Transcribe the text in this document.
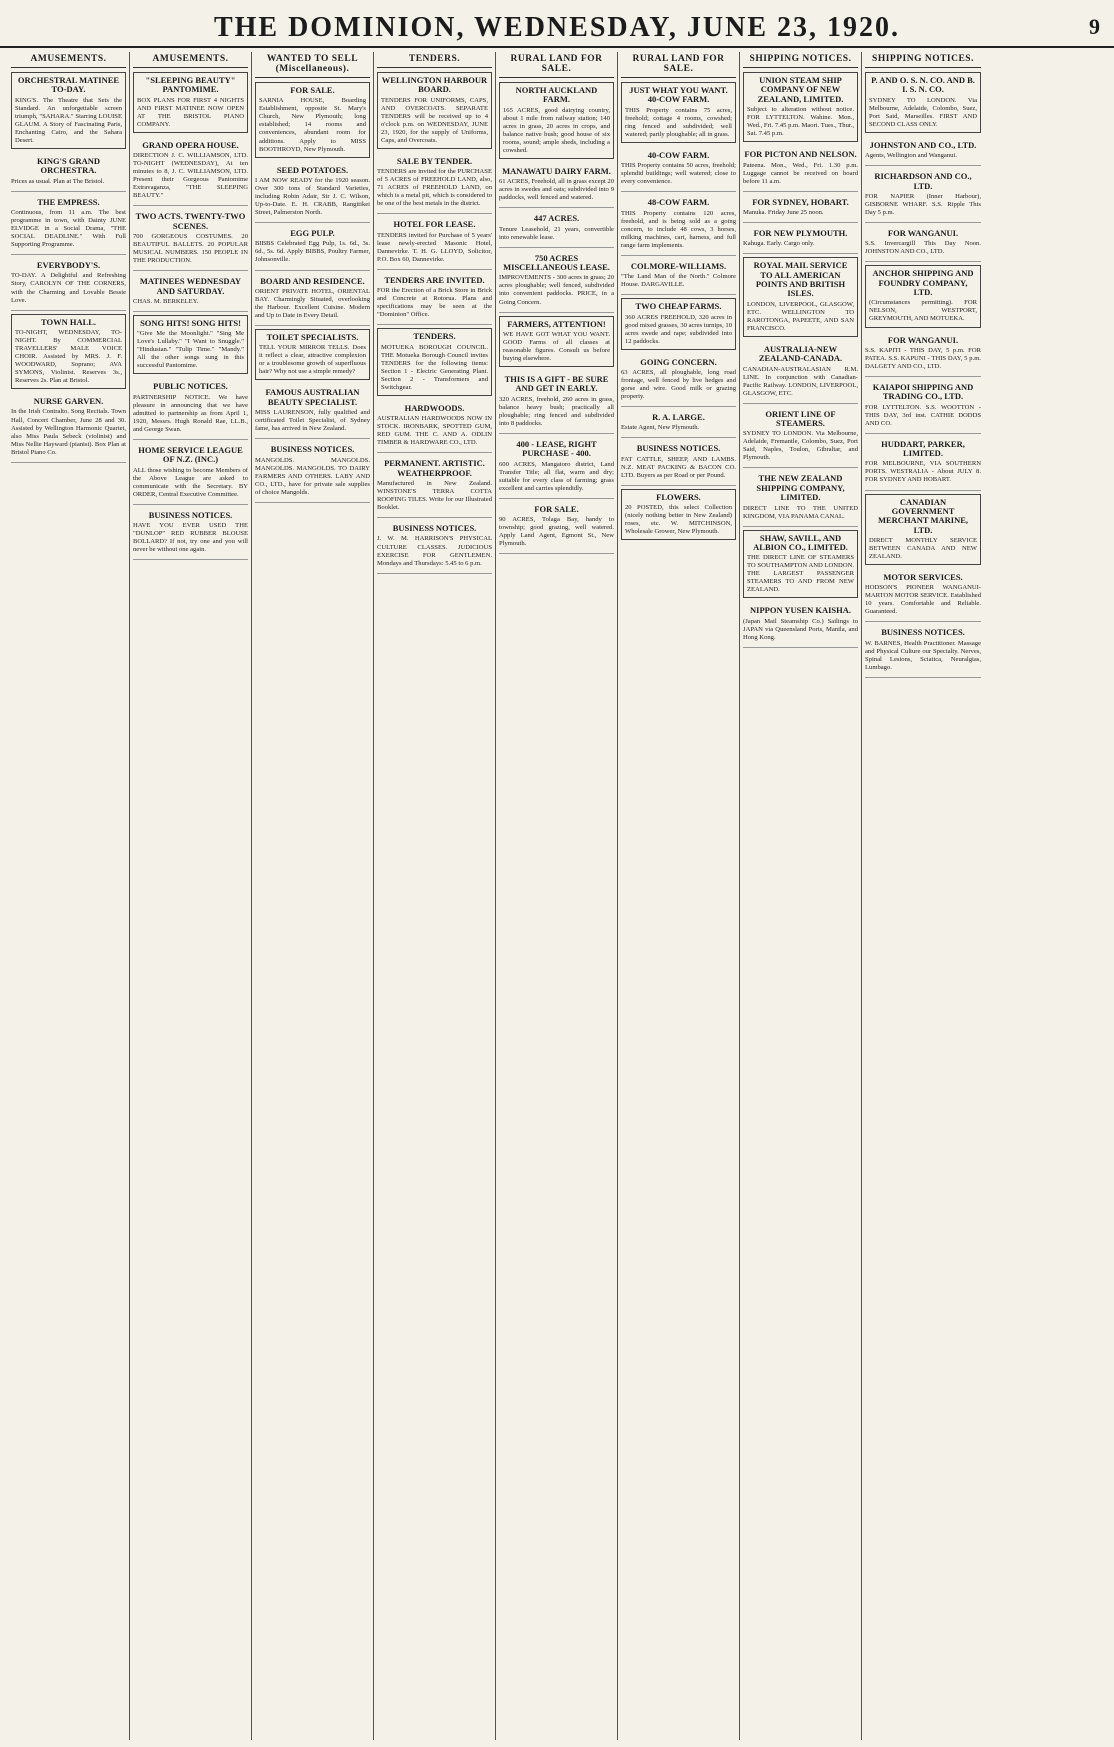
THE DOMINION, WEDNESDAY, JUNE 23, 1920.	9
AMUSEMENTS.
ORCHESTRAL MATINEE TO-DAY.
KING'S. The Theatre that Sets the Standard. An unforgettable screen triumph, "SAHARA." Starring LOUISE GLAUM. A Story of Fascinating Paris, Enchanting Cairo, and the Sahara Desert.
KING'S GRAND ORCHESTRA.
Prices as usual. Plan at The Bristol.
THE EMPRESS.
Continuous, from 11 a.m. The best programme in town, with Dainty JUNE ELVIDGE in a Social Drama, "THE SOCIAL DEADLINE." With Full Supporting Programme.
EVERYBODY'S.
TO-DAY. A Delightful and Refreshing Story, CAROLYN OF THE CORNERS, with the Charming and Lovable Bessie Love.
TOWN HALL.
TO-NIGHT, WEDNESDAY, TO-NIGHT. By COMMERCIAL TRAVELLERS' MALE VOICE CHOIR. Assisted by MRS. J. F. WOODWARD, Soprano; AVA SYMONS, Violinist. Reserves 3s., Reserves 2s. Plan at Bristol.
NURSE GARVEN.
In the Irish Contralto. Song Recitals. Town Hall, Concert Chamber, June 28 and 30. Assisted by Wellington Harmonic Quartet, also Miss Paula Sebeck (violinist) and Miss Nellie Hayward (pianist). Box Plan at Bristol Piano Co.
AMUSEMENTS.
"SLEEPING BEAUTY" PANTOMIME.
BOX PLANS FOR FIRST 4 NIGHTS AND FIRST MATINEE NOW OPEN AT THE BRISTOL PIANO COMPANY.
GRAND OPERA HOUSE.
DIRECTION J. C. WILLIAMSON, LTD. TO-NIGHT (WEDNESDAY), At ten minutes to 8, J. C. WILLIAMSON, LTD. Present their Gorgeous Pantomime Extravaganza, "THE SLEEPING BEAUTY."
TWO ACTS. TWENTY-TWO SCENES.
700 GORGEOUS COSTUMES. 20 BEAUTIFUL BALLETS. 20 POPULAR MUSICAL NUMBERS. 150 PEOPLE IN THE PRODUCTION.
MATINEES WEDNESDAY AND SATURDAY.
CHAS. M. BERKELEY.
SONG HITS! SONG HITS!
"Give Me the Moonlight." "Sing Me Love's Lullaby." "I Want to Snuggle." "Hindustan." "Tulip Time." "Mandy." All the other songs sung in this successful Pantomime.
PUBLIC NOTICES.
PARTNERSHIP NOTICE. We have pleasure in announcing that we have admitted to partnership as from April 1, 1920, Messrs. Hugh Ronald Rae, LL.B., and George Swan.
HOME SERVICE LEAGUE OF N.Z. (INC.)
ALL those wishing to become Members of the Above League are asked to communicate with the Secretary. BY ORDER, Central Executive Committee.
BUSINESS NOTICES.
HAVE YOU EVER USED THE "DUNLOP" RED RUBBER BLOUSE BOLLARD? If not, try one and you will never be without one again.
WANTED TO SELL (Miscellaneous).
FOR SALE.
SARNIA HOUSE, Boarding Establishment, opposite St. Mary's Church, New Plymouth; long established; 14 rooms and conveniences, abundant room for additions. Apply to MISS BOOTHROYD, New Plymouth.
SEED POTATOES.
I AM NOW READY for the 1920 season. Over 300 tons of Standard Varieties, including Robin Adair, Sir J. C. Wilson, Up-to-Date. E. H. CRABB, Rangitikei Street, Palmerston North.
EGG PULP.
BIBBS Celebrated Egg Pulp, 1s. 6d., 3s. 6d., 5s. 6d. Apply BIBBS, Poultry Farmer, Johnsonville.
BOARD AND RESIDENCE.
ORIENT PRIVATE HOTEL, ORIENTAL BAY. Charmingly Situated, overlooking the Harbour. Excellent Cuisine. Modern and Up to Date in Every Detail.
TOILET SPECIALISTS.
TELL YOUR MIRROR TELLS. Does it reflect a clear, attractive complexion or a troublesome growth of superfluous hair? Why not use a simple remedy?
FAMOUS AUSTRALIAN BEAUTY SPECIALIST.
MISS LAURENSON, fully qualified and certificated Toilet Specialist, of Sydney fame, has arrived in New Zealand.
BUSINESS NOTICES.
MANGOLDS. MANGOLDS. MANGOLDS. MANGOLDS. TO DAIRY FARMERS AND OTHERS. LABY AND CO., LTD., have for private sale supplies of choice Mangolds.
TENDERS.
WELLINGTON HARBOUR BOARD.
TENDERS FOR UNIFORMS, CAPS, AND OVERCOATS. SEPARATE TENDERS will be received up to 4 o'clock p.m. on WEDNESDAY, JUNE 23, 1920, for the supply of Uniforms, Caps, and Overcoats.
SALE BY TENDER.
TENDERS are invited for the PURCHASE of 5 ACRES of FREEHOLD LAND, also, 71 ACRES of FREEHOLD LAND, on which is a metal pit, which is considered to be one of the best metals in the district.
HOTEL FOR LEASE.
TENDERS invited for Purchase of 5 years' lease newly-erected Masonic Hotel, Dannevirke. T. H. G. LLOYD, Solicitor, P.O. Box 60, Dannevirke.
TENDERS ARE INVITED.
FOR the Erection of a Brick Store in Brick and Concrete at Rotorua. Plans and specifications may be seen at the "Dominion" Office.
TENDERS.
MOTUEKA BOROUGH COUNCIL. THE Motueka Borough Council invites TENDERS for the following items: Section 1 - Electric Generating Plant. Section 2 - Transformers and Switchgear.
HARDWOODS.
AUSTRALIAN HARDWOODS NOW IN STOCK. IRONBARK, SPOTTED GUM, RED GUM. THE C. AND A. ODLIN TIMBER & HARDWARE CO., LTD.
PERMANENT. ARTISTIC. WEATHERPROOF.
Manufactured in New Zealand. WINSTONE'S TERRA COTTA ROOFING TILES. Write for our Illustrated Booklet.
BUSINESS NOTICES.
J. W. M. HARRISON'S PHYSICAL CULTURE CLASSES. JUDICIOUS EXERCISE FOR GENTLEMEN. Mondays and Thursdays: 5.45 to 6 p.m.
RURAL LAND FOR SALE.
NORTH AUCKLAND FARM.
165 ACRES, good dairying country, about 1 mile from railway station; 140 acres in grass, 20 acres in crops, and balance native bush; good house of six rooms, sound; ample sheds, including a cowshed.
MANAWATU DAIRY FARM.
61 ACRES, Freehold, all in grass except 20 acres in swedes and oats; subdivided into 9 paddocks, well fenced and watered.
447 ACRES.
Tenure Leasehold, 21 years, convertible into renewable lease.
750 ACRES MISCELLANEOUS LEASE.
IMPROVEMENTS - 300 acres in grass; 20 acres ploughable; well fenced, subdivided into convenient paddocks. PRICE, in a Going Concern.
FARMERS, ATTENTION!
WE HAVE GOT WHAT YOU WANT. GOOD Farms of all classes at reasonable figures. Consult us before buying elsewhere.
THIS IS A GIFT - BE SURE AND GET IN EARLY.
320 ACRES, freehold, 260 acres in grass, balance heavy bush; practically all ploughable; ring fenced and subdivided into 8 paddocks.
400 - LEASE, RIGHT PURCHASE - 400.
600 ACRES, Mangatoro district, Land Transfer Title; all flat, warm and dry; suitable for every class of farming; grass excellent and carries splendidly.
FOR SALE.
90 ACRES, Tolaga Bay, handy to township; good grazing, well watered. Apply Land Agent, Egmont St., New Plymouth.
RURAL LAND FOR SALE.
JUST WHAT YOU WANT. 40-COW FARM.
THIS Property contains 75 acres, freehold; cottage 4 rooms, cowshed; ring fenced and subdivided; well watered; partly ploughable; all in grass.
40-COW FARM.
THIS Property contains 50 acres, freehold; splendid buildings; well watered; close to every convenience.
48-COW FARM.
THIS Property contains 120 acres, freehold, and is being sold as a going concern, to include 48 cows, 3 horses, milking machines, cart, harness, and full range farm implements.
COLMORE-WILLIAMS.
"The Land Man of the North." Colmore House. DARGAVILLE.
TWO CHEAP FARMS.
360 ACRES FREEHOLD, 320 acres in good mixed grasses, 30 acres turnips, 10 acres swede and rape; subdivided into 12 paddocks.
GOING CONCERN.
63 ACRES, all ploughable, long road frontage, well fenced by live hedges and gorse and wire. Good milk or grazing property.
R. A. LARGE.
Estate Agent, New Plymouth.
BUSINESS NOTICES.
FAT CATTLE, SHEEP, AND LAMBS. N.Z. MEAT PACKING & BACON CO. LTD. Buyers as per Road or per Pound.
FLOWERS.
20 POSTED, this select Collection (nicely nothing better in New Zealand) roses, etc. W. MITCHINSON, Wholesale Grower, New Plymouth.
SHIPPING NOTICES.
UNION STEAM SHIP COMPANY OF NEW ZEALAND, LIMITED.
Subject to alteration without notice. FOR LYTTELTON. Wahine. Mon., Wed., Fri. 7.45 p.m. Maori. Tues., Thur., Sat. 7.45 p.m.
FOR PICTON AND NELSON.
Pateena. Mon., Wed., Fri. 1.30 p.m. Luggage cannot be received on board before 11 a.m.
FOR SYDNEY, HOBART.
Manuka. Friday June 25 noon.
FOR NEW PLYMOUTH.
Kahuga. Early. Cargo only.
ROYAL MAIL SERVICE TO ALL AMERICAN POINTS AND BRITISH ISLES.
LONDON, LIVERPOOL, GLASGOW, ETC. WELLINGTON TO RAROTONGA, PAPEETE, AND SAN FRANCISCO.
AUSTRALIA-NEW ZEALAND-CANADA.
CANADIAN-AUSTRALASIAN R.M. LINE. In conjunction with Canadian-Pacific Railway. LONDON, LIVERPOOL, GLASGOW, ETC.
ORIENT LINE OF STEAMERS.
SYDNEY TO LONDON. Via Melbourne, Adelaide, Fremantle, Colombo, Suez, Port Said, Naples, Toulon, Gibraltar, and Plymouth.
THE NEW ZEALAND SHIPPING COMPANY, LIMITED.
DIRECT LINE TO THE UNITED KINGDOM, VIA PANAMA CANAL.
SHAW, SAVILL, AND ALBION CO., LIMITED.
THE DIRECT LINE OF STEAMERS TO SOUTHAMPTON AND LONDON. THE LARGEST PASSENGER STEAMERS TO AND FROM NEW ZEALAND.
NIPPON YUSEN KAISHA.
(Japan Mail Steamship Co.) Sailings to JAPAN via Queensland Ports, Manila, and Hong Kong.
SHIPPING NOTICES.
P. AND O. S. N. CO. AND B. I. S. N. CO.
SYDNEY TO LONDON. Via Melbourne, Adelaide, Colombo, Suez, Port Said, Marseilles. FIRST AND SECOND CLASS ONLY.
JOHNSTON AND CO., LTD.
Agents, Wellington and Wanganui.
RICHARDSON AND CO., LTD.
FOR NAPIER (Inner Harbour), GISBORNE WHARF. S.S. Ripple This Day 5 p.m.
FOR WANGANUI.
S.S. Invercargill This Day Noon. JOHNSTON AND CO., LTD.
ANCHOR SHIPPING AND FOUNDRY COMPANY, LTD.
(Circumstances permitting). FOR NELSON, WESTPORT, GREYMOUTH, AND MOTUEKA.
FOR WANGANUI.
S.S. KAPITI - THIS DAY, 5 p.m. FOR PATEA. S.S. KAPUNI - THIS DAY, 5 p.m. DALGETY AND CO., LTD.
KAIAPOI SHIPPING AND TRADING CO., LTD.
FOR LYTTELTON. S.S. WOOTTON - THIS DAY, 3rd inst. CATHIE DODDS AND CO.
HUDDART, PARKER, LIMITED.
FOR MELBOURNE, VIA SOUTHERN PORTS. WESTRALIA - About JULY 8. FOR SYDNEY AND HOBART.
CANADIAN GOVERNMENT MERCHANT MARINE, LTD.
DIRECT MONTHLY SERVICE BETWEEN CANADA AND NEW ZEALAND.
MOTOR SERVICES.
HODSON'S PIONEER WANGANUI-MARTON MOTOR SERVICE. Established 10 years. Comfortable and Reliable. Guaranteed.
BUSINESS NOTICES.
W. BARNES, Health Practitioner. Massage and Physical Culture our Specialty. Nerves, Spinal Lesions, Sciatica, Neuralgias, Lumbago.
